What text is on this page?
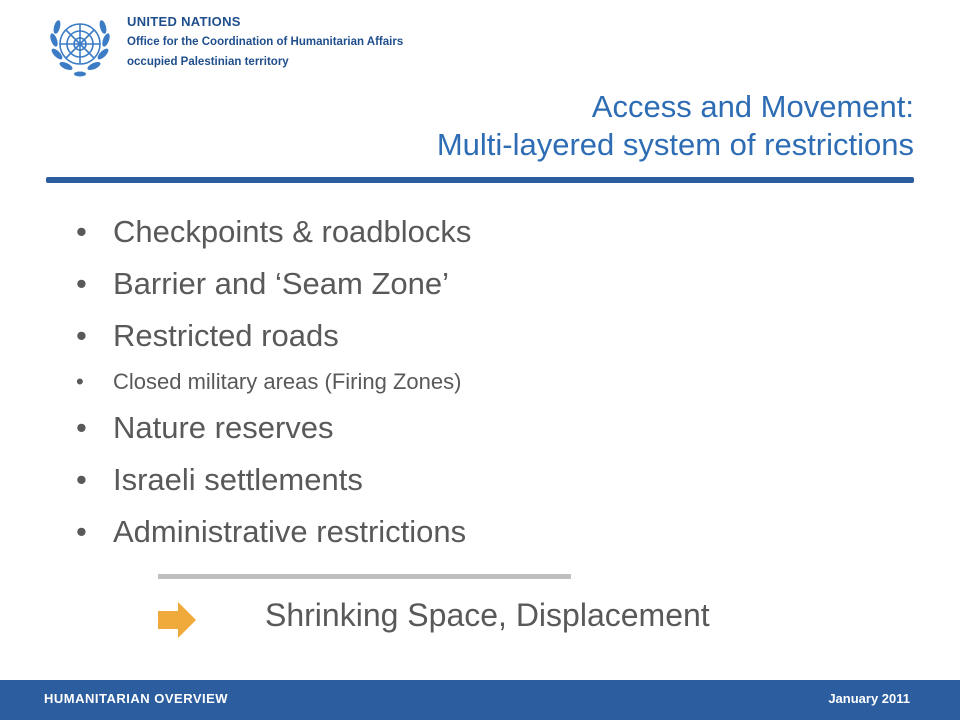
UNITED NATIONS
Office for the Coordination of Humanitarian Affairs
occupied Palestinian territory
Access and Movement:
Multi-layered system of restrictions
• Checkpoints & roadblocks
• Barrier and ‘Seam Zone’
• Restricted roads
• Closed military areas (Firing Zones)
• Nature reserves
• Israeli settlements
• Administrative restrictions
Shrinking Space, Displacement
HUMANITARIAN OVERVIEW	January 2011
